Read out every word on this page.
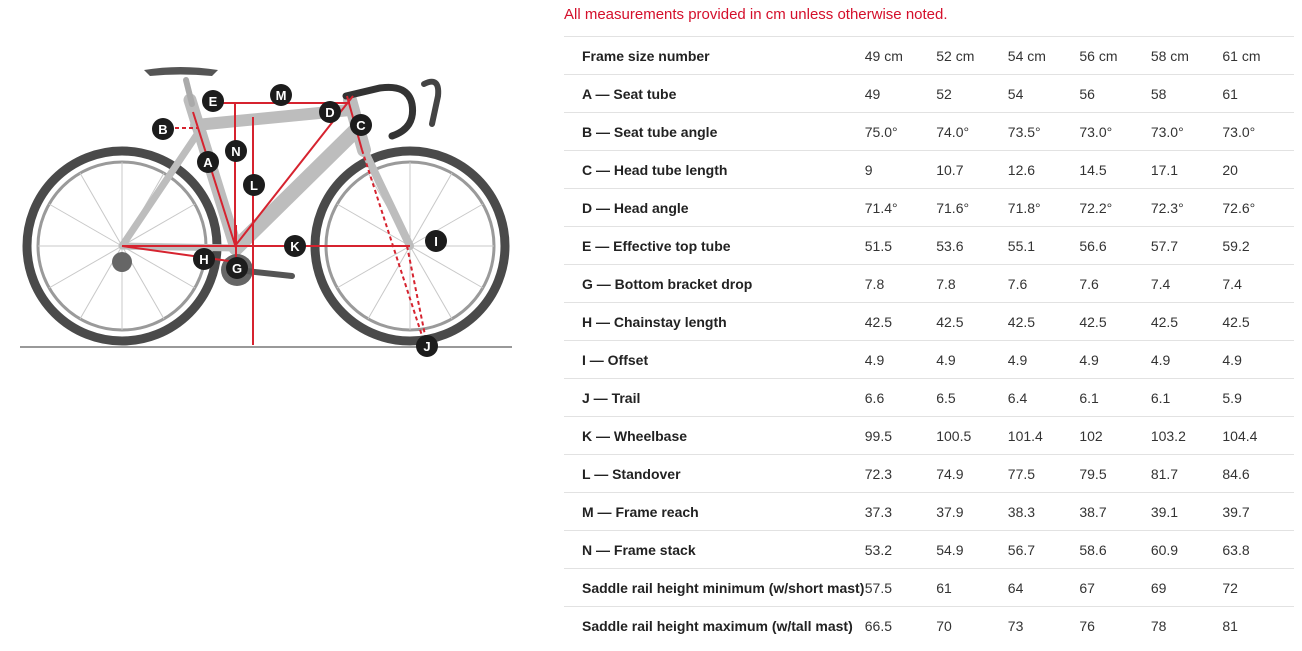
A
B	C
D
E
G
H
I
J
K
L
M
N
All measurements provided in cm unless otherwise noted.
Frame size number	49 cm	52 cm	54 cm	56 cm	58 cm	61 cm
A — Seat tube	49	52	54	56	58	61
B — Seat tube angle	75.0°	74.0°	73.5°	73.0°	73.0°	73.0°
C — Head tube length	9	10.7	12.6	14.5	17.1	20
D — Head angle	71.4°	71.6°	71.8°	72.2°	72.3°	72.6°
E — Effective top tube	51.5	53.6	55.1	56.6	57.7	59.2
G — Bottom bracket drop	7.8	7.8	7.6	7.6	7.4	7.4
H — Chainstay length	42.5	42.5	42.5	42.5	42.5	42.5
I — Offset	4.9	4.9	4.9	4.9	4.9	4.9
J — Trail	6.6	6.5	6.4	6.1	6.1	5.9
K — Wheelbase	99.5	100.5	101.4	102	103.2	104.4
L — Standover	72.3	74.9	77.5	79.5	81.7	84.6
M — Frame reach	37.3	37.9	38.3	38.7	39.1	39.7
N — Frame stack	53.2	54.9	56.7	58.6	60.9	63.8
Saddle rail height minimum (w/short mast)	57.5	61	64	67	69	72
Saddle rail height maximum (w/tall mast)	66.5	70	73	76	78	81
